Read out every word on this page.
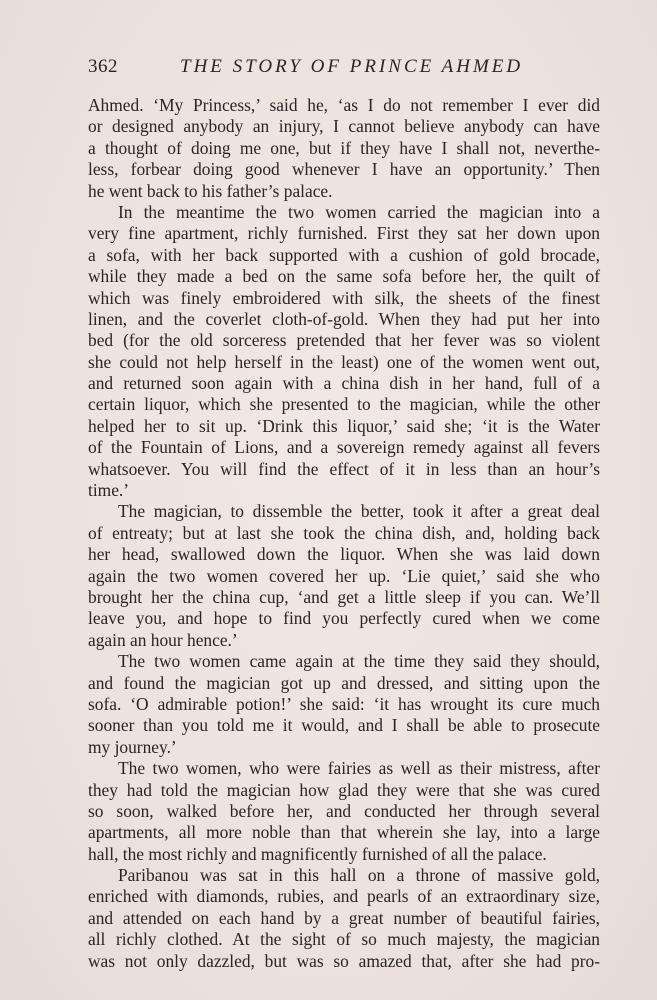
362	THE STORY OF PRINCE AHMED
Ahmed. ‘My Princess,’ said he, ‘as I do not remember I ever did
or designed anybody an injury, I cannot believe anybody can have
a thought of doing me one, but if they have I shall not, neverthe-
less, forbear doing good whenever I have an opportunity.’ Then
he went back to his father’s palace.
In the meantime the two women carried the magician into a
very fine apartment, richly furnished. First they sat her down upon
a sofa, with her back supported with a cushion of gold brocade,
while they made a bed on the same sofa before her, the quilt of
which was finely embroidered with silk, the sheets of the finest
linen, and the coverlet cloth-of-gold. When they had put her into
bed (for the old sorceress pretended that her fever was so violent
she could not help herself in the least) one of the women went out,
and returned soon again with a china dish in her hand, full of a
certain liquor, which she presented to the magician, while the other
helped her to sit up. ‘Drink this liquor,’ said she; ‘it is the Water
of the Fountain of Lions, and a sovereign remedy against all fevers
whatsoever. You will find the effect of it in less than an hour’s
time.’
The magician, to dissemble the better, took it after a great deal
of entreaty; but at last she took the china dish, and, holding back
her head, swallowed down the liquor. When she was laid down
again the two women covered her up. ‘Lie quiet,’ said she who
brought her the china cup, ‘and get a little sleep if you can. We’ll
leave you, and hope to find you perfectly cured when we come
again an hour hence.’
The two women came again at the time they said they should,
and found the magician got up and dressed, and sitting upon the
sofa. ‘O admirable potion!’ she said: ‘it has wrought its cure much
sooner than you told me it would, and I shall be able to prosecute
my journey.’
The two women, who were fairies as well as their mistress, after
they had told the magician how glad they were that she was cured
so soon, walked before her, and conducted her through several
apartments, all more noble than that wherein she lay, into a large
hall, the most richly and magnificently furnished of all the palace.
Paribanou was sat in this hall on a throne of massive gold,
enriched with diamonds, rubies, and pearls of an extraordinary size,
and attended on each hand by a great number of beautiful fairies,
all richly clothed. At the sight of so much majesty, the magician
was not only dazzled, but was so amazed that, after she had pro-
